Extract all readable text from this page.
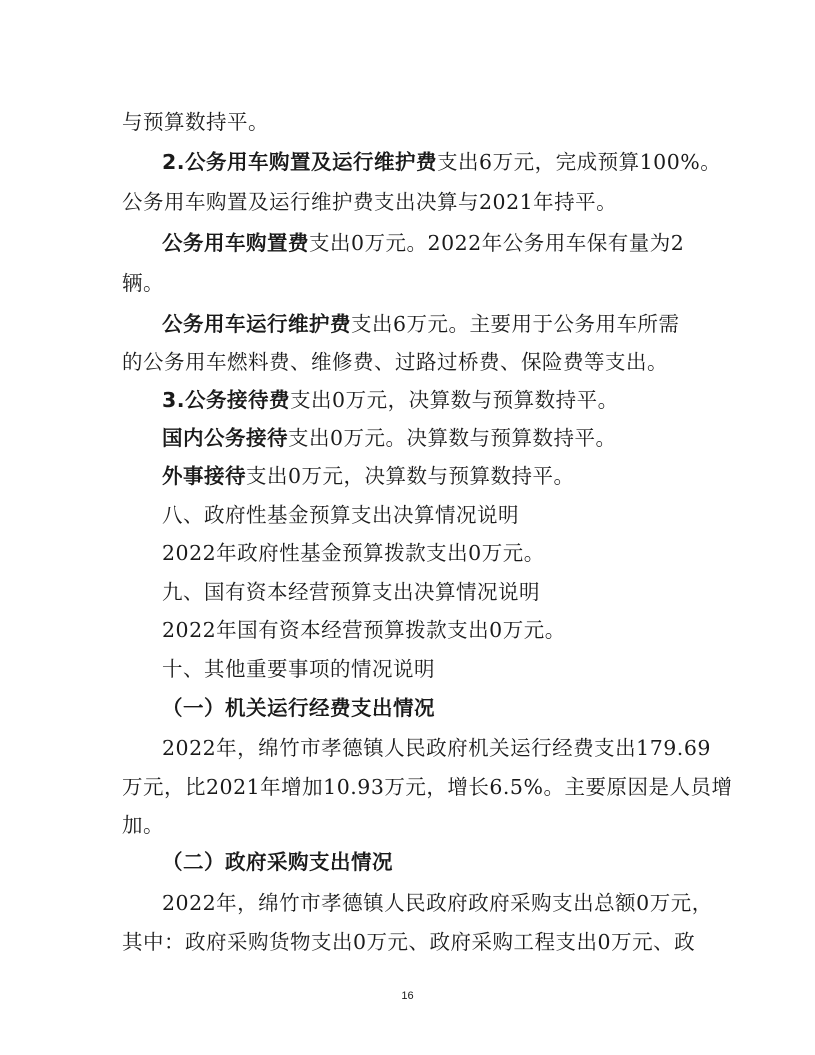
与预算数持平。
2.公务用车购置及运行维护费支出6万元，完成预算100%。
公务用车购置及运行维护费支出决算与2021年持平。
公务用车购置费支出0万元。2022年公务用车保有量为2
辆。
公务用车运行维护费支出6万元。主要用于公务用车所需
的公务用车燃料费、维修费、过路过桥费、保险费等支出。
3.公务接待费支出0万元，决算数与预算数持平。
国内公务接待支出0万元。决算数与预算数持平。
外事接待支出0万元，决算数与预算数持平。
八、政府性基金预算支出决算情况说明
2022年政府性基金预算拨款支出0万元。
九、国有资本经营预算支出决算情况说明
2022年国有资本经营预算拨款支出0万元。
十、其他重要事项的情况说明
（一）机关运行经费支出情况
2022年，绵竹市孝德镇人民政府机关运行经费支出179.69
万元，比2021年增加10.93万元，增长6.5%。主要原因是人员增
加。
（二）政府采购支出情况
2022年，绵竹市孝德镇人民政府政府采购支出总额0万元，
其中：政府采购货物支出0万元、政府采购工程支出0万元、政
16
